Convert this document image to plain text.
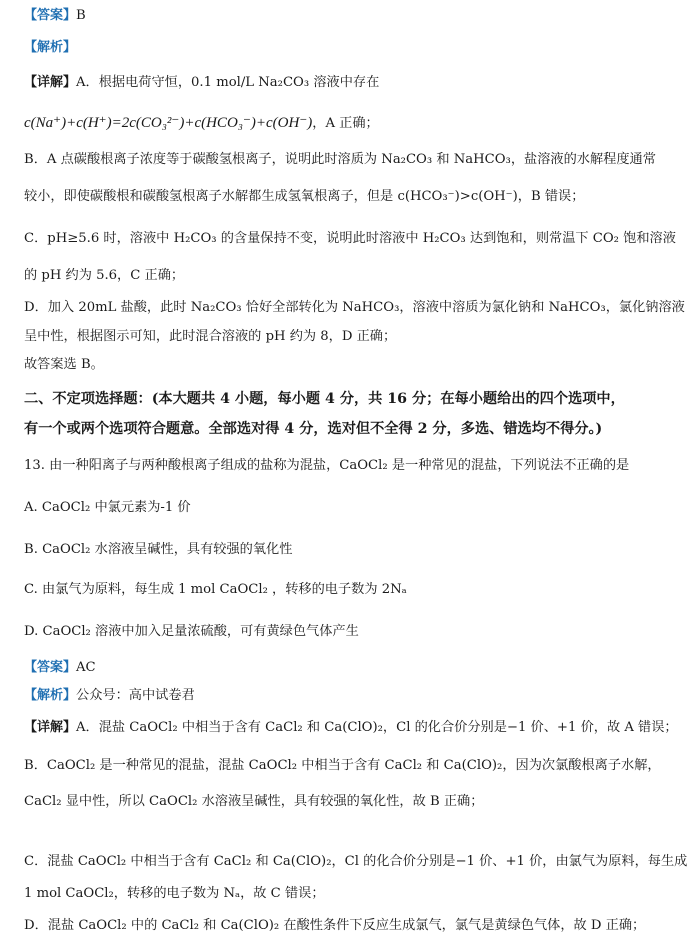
【答案】B
【解析】
【详解】A．根据电荷守恒，0.1 mol/L Na₂CO₃ 溶液中存在
c(Na⁺)+c(H⁺)=2c(CO₃²⁻)+c(HCO₃⁻)+c(OH⁻)，A 正确；
B．A 点碳酸根离子浓度等于碳酸氢根离子，说明此时溶质为 Na₂CO₃ 和 NaHCO₃，盐溶液的水解程度通常
较小，即使碳酸根和碳酸氢根离子水解都生成氢氧根离子，但是 c(HCO₃⁻)>c(OH⁻)，B 错误；
C．pH≥5.6 时，溶液中 H₂CO₃ 的含量保持不变，说明此时溶液中 H₂CO₃ 达到饱和，则常温下 CO₂ 饱和溶液
的 pH 约为 5.6，C 正确；
D．加入 20mL 盐酸，此时 Na₂CO₃ 恰好全部转化为 NaHCO₃，溶液中溶质为氯化钠和 NaHCO₃，氯化钠溶液
呈中性，根据图示可知，此时混合溶液的 pH 约为 8，D 正确；
故答案选 B。
二、不定项选择题：(本大题共 4 小题，每小题 4 分，共 16 分；在每小题给出的四个选项中，
有一个或两个选项符合题意。全部选对得 4 分，选对但不全得 2 分，多选、错选均不得分。)
13. 由一种阳离子与两种酸根离子组成的盐称为混盐，CaOCl₂ 是一种常见的混盐，下列说法不正确的是
A. CaOCl₂ 中氯元素为-1 价
B. CaOCl₂ 水溶液呈碱性，具有较强的氧化性
C. 由氯气为原料，每生成 1 mol CaOCl₂ ，转移的电子数为 2Nₐ
D. CaOCl₂ 溶液中加入足量浓硫酸，可有黄绿色气体产生
【答案】AC
【解析】公众号：高中试卷君
【详解】A．混盐 CaOCl₂ 中相当于含有 CaCl₂ 和 Ca(ClO)₂，Cl 的化合价分别是−1 价、+1 价，故 A 错误；
B．CaOCl₂ 是一种常见的混盐，混盐 CaOCl₂ 中相当于含有 CaCl₂ 和 Ca(ClO)₂，因为次氯酸根离子水解，
CaCl₂ 显中性，所以 CaOCl₂ 水溶液呈碱性，具有较强的氧化性，故 B 正确；
C．混盐 CaOCl₂ 中相当于含有 CaCl₂ 和 Ca(ClO)₂，Cl 的化合价分别是−1 价、+1 价，由氯气为原料，每生成
1 mol CaOCl₂，转移的电子数为 Nₐ，故 C 错误；
D．混盐 CaOCl₂ 中的 CaCl₂ 和 Ca(ClO)₂ 在酸性条件下反应生成氯气，氯气是黄绿色气体，故 D 正确；
